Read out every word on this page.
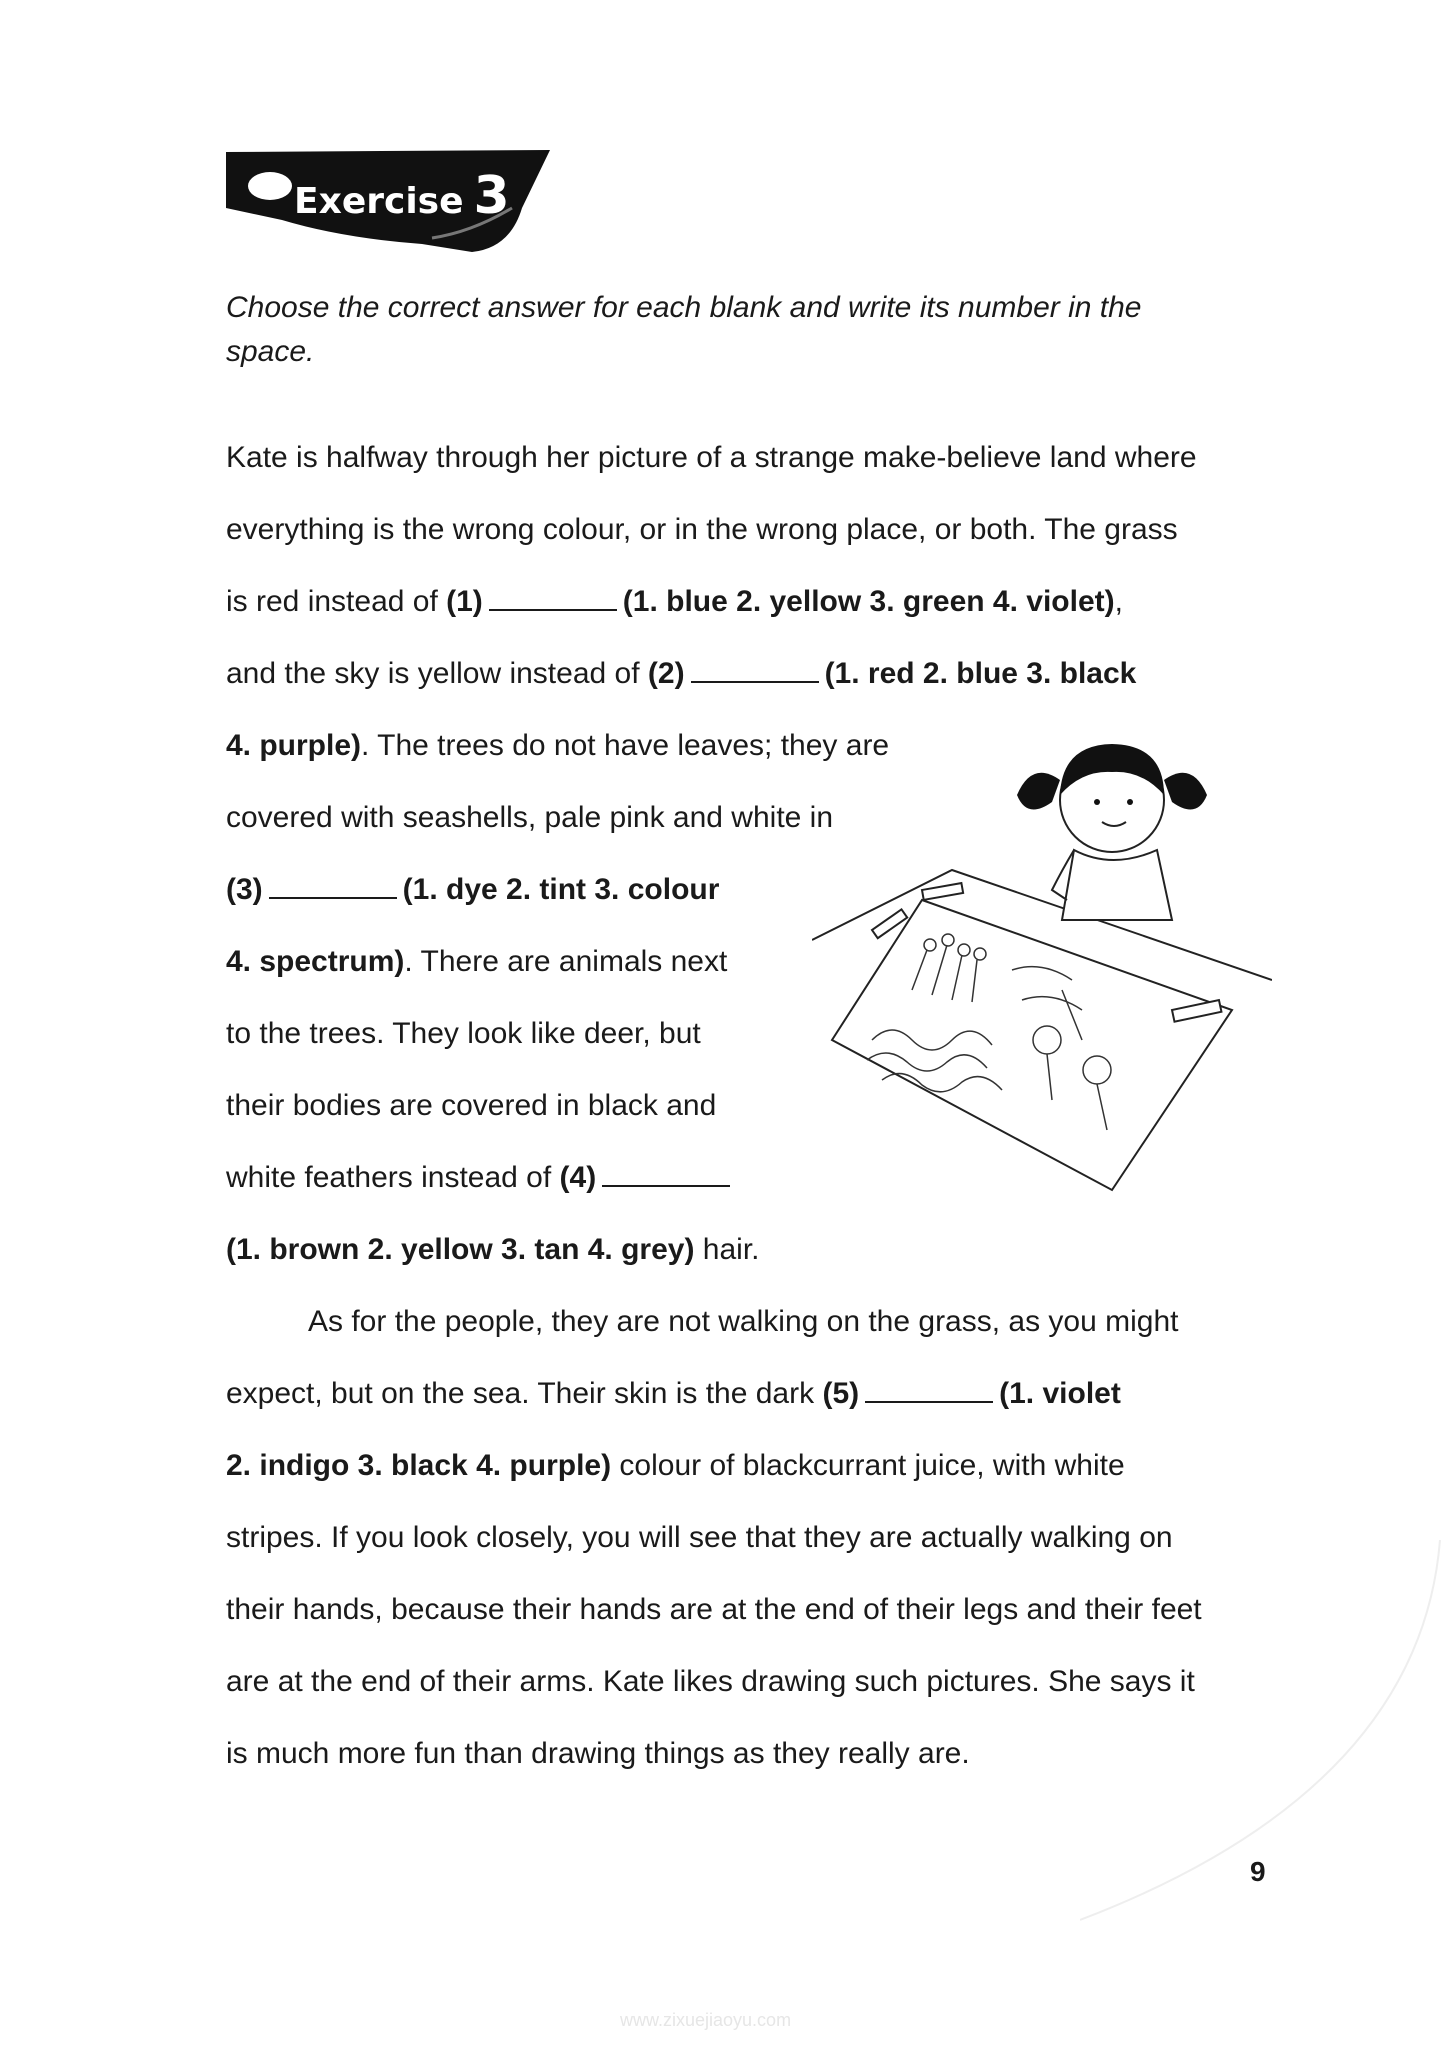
Exercise 3
Choose the correct answer for each blank and write its number in the space.
Kate is halfway through her picture of a strange make-believe land where
everything is the wrong colour, or in the wrong place, or both. The grass
is red instead of (1)	(1. blue 2. yellow 3. green 4. violet),
and the sky is yellow instead of (2)	(1. red 2. blue 3. black
4. purple). The trees do not have leaves; they are
covered with seashells, pale pink and white in
(3)	(1. dye 2. tint 3. colour
4. spectrum). There are animals next
to the trees. They look like deer, but
their bodies are covered in black and
white feathers instead of (4)
(1. brown 2. yellow 3. tan 4. grey) hair.
As for the people, they are not walking on the grass, as you might
expect, but on the sea. Their skin is the dark (5)	(1. violet
2. indigo 3. black 4. purple) colour of blackcurrant juice, with white
stripes. If you look closely, you will see that they are actually walking on
their hands, because their hands are at the end of their legs and their feet
are at the end of their arms. Kate likes drawing such pictures. She says it
is much more fun than drawing things as they really are.
9
www.zixuejiaoyu.com
